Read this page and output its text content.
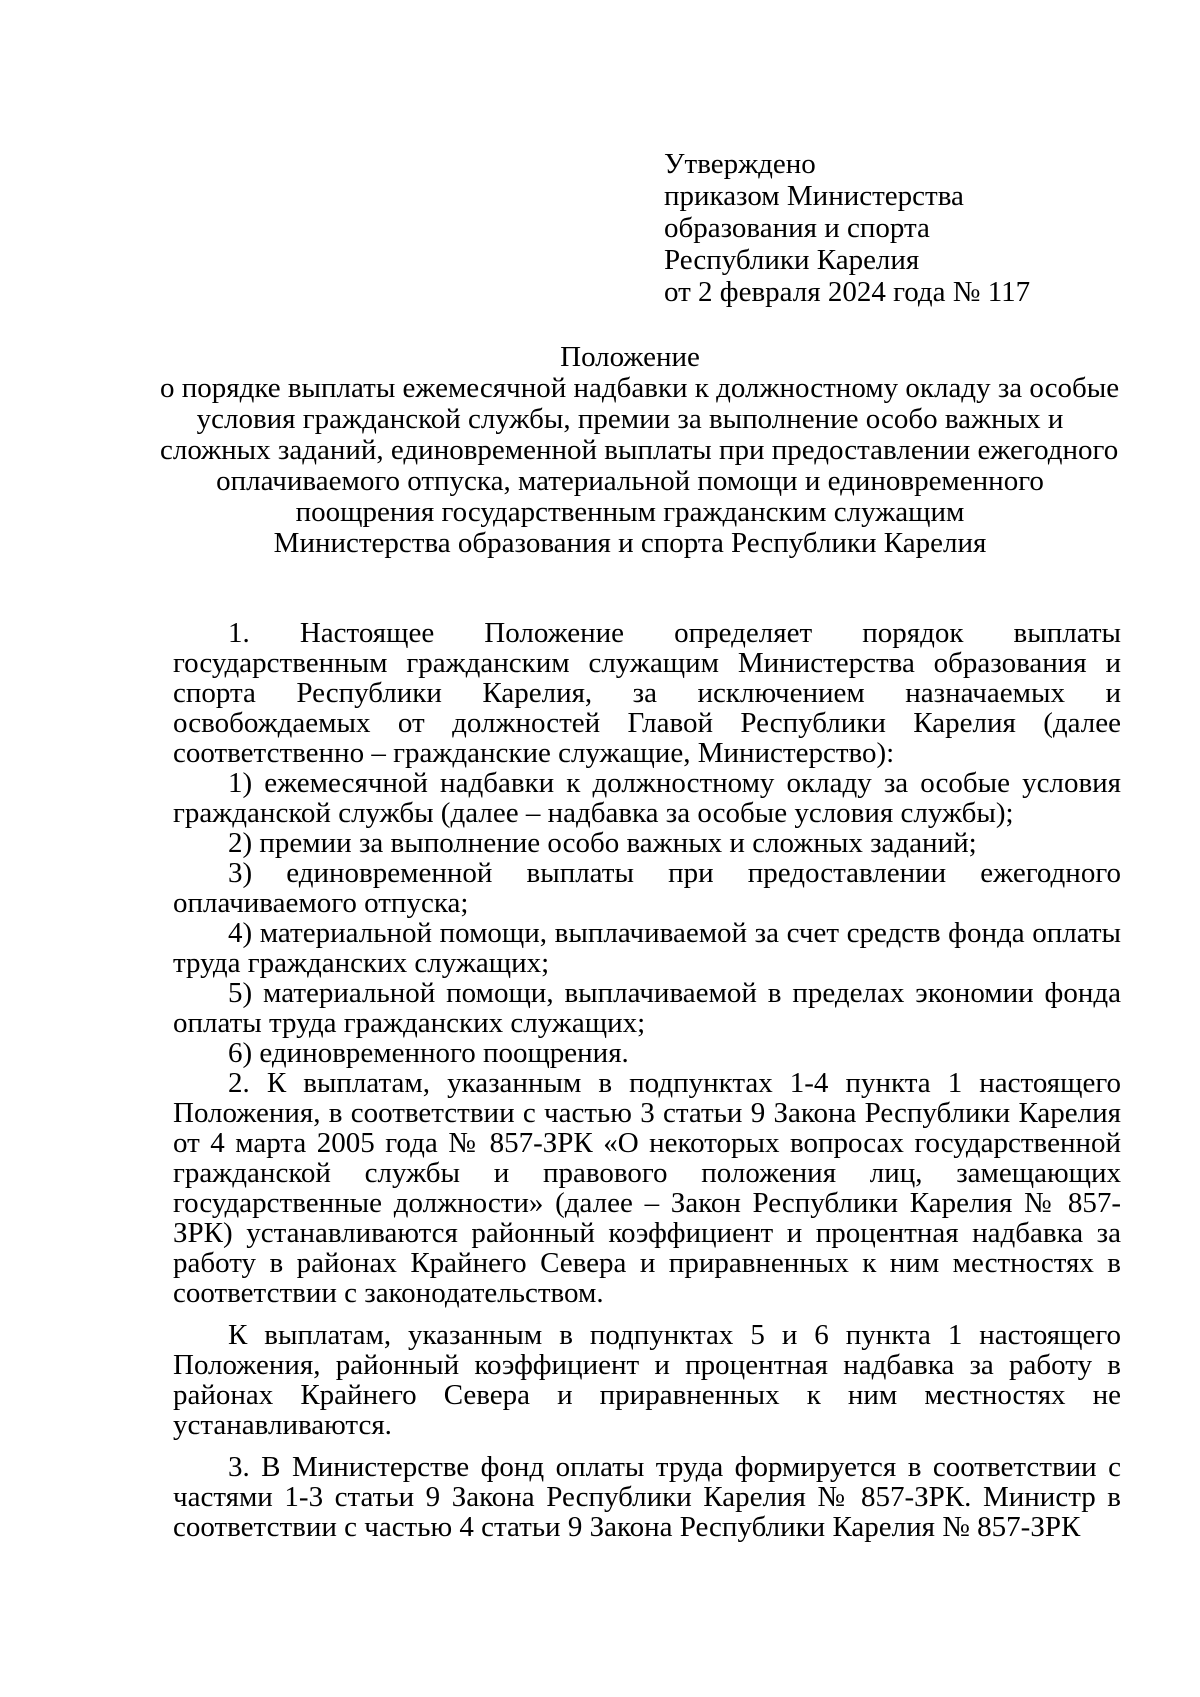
Утверждено
приказом Министерства
образования и спорта
Республики Карелия
от 2 февраля 2024 года № 117
Положение
о порядке выплаты ежемесячной надбавки к должностному окладу за особые
условия гражданской службы, премии за выполнение особо важных и
сложных заданий, единовременной выплаты при предоставлении ежегодного
оплачиваемого отпуска, материальной помощи и единовременного
поощрения государственным гражданским служащим
Министерства образования и спорта Республики Карелия

1. Настоящее Положение определяет порядок выплаты государственным гражданским служащим Министерства образования и спорта Республики Карелия, за исключением назначаемых и освобождаемых от должностей Главой Республики Карелия (далее соответственно – гражданские служащие, Министерство):

1) ежемесячной надбавки к должностному окладу за особые условия гражданской службы (далее – надбавка за особые условия службы);

2) премии за выполнение особо важных и сложных заданий;

3) единовременной выплаты при предоставлении ежегодного оплачиваемого отпуска;

4) материальной помощи, выплачиваемой за счет средств фонда оплаты труда гражданских служащих;

5) материальной помощи, выплачиваемой в пределах экономии фонда оплаты труда гражданских служащих;

6) единовременного поощрения.

2. К выплатам, указанным в подпунктах 1-4 пункта 1 настоящего Положения, в соответствии с частью 3 статьи 9 Закона Республики Карелия от 4 марта 2005 года № 857-ЗРК «О некоторых вопросах государственной гражданской службы и правового положения лиц, замещающих государственные должности» (далее – Закон Республики Карелия № 857-ЗРК) устанавливаются районный коэффициент и процентная надбавка за работу в районах Крайнего Севера и приравненных к ним местностях в соответствии с законодательством.

К выплатам, указанным в подпунктах 5 и 6 пункта 1 настоящего Положения, районный коэффициент и процентная надбавка за работу в районах Крайнего Севера и приравненных к ним местностях не устанавливаются.

3. В Министерстве фонд оплаты труда формируется в соответствии с частями 1-3 статьи 9 Закона Республики Карелия № 857-ЗРК. Министр в соответствии с частью 4 статьи 9 Закона Республики Карелия № 857-ЗРК
